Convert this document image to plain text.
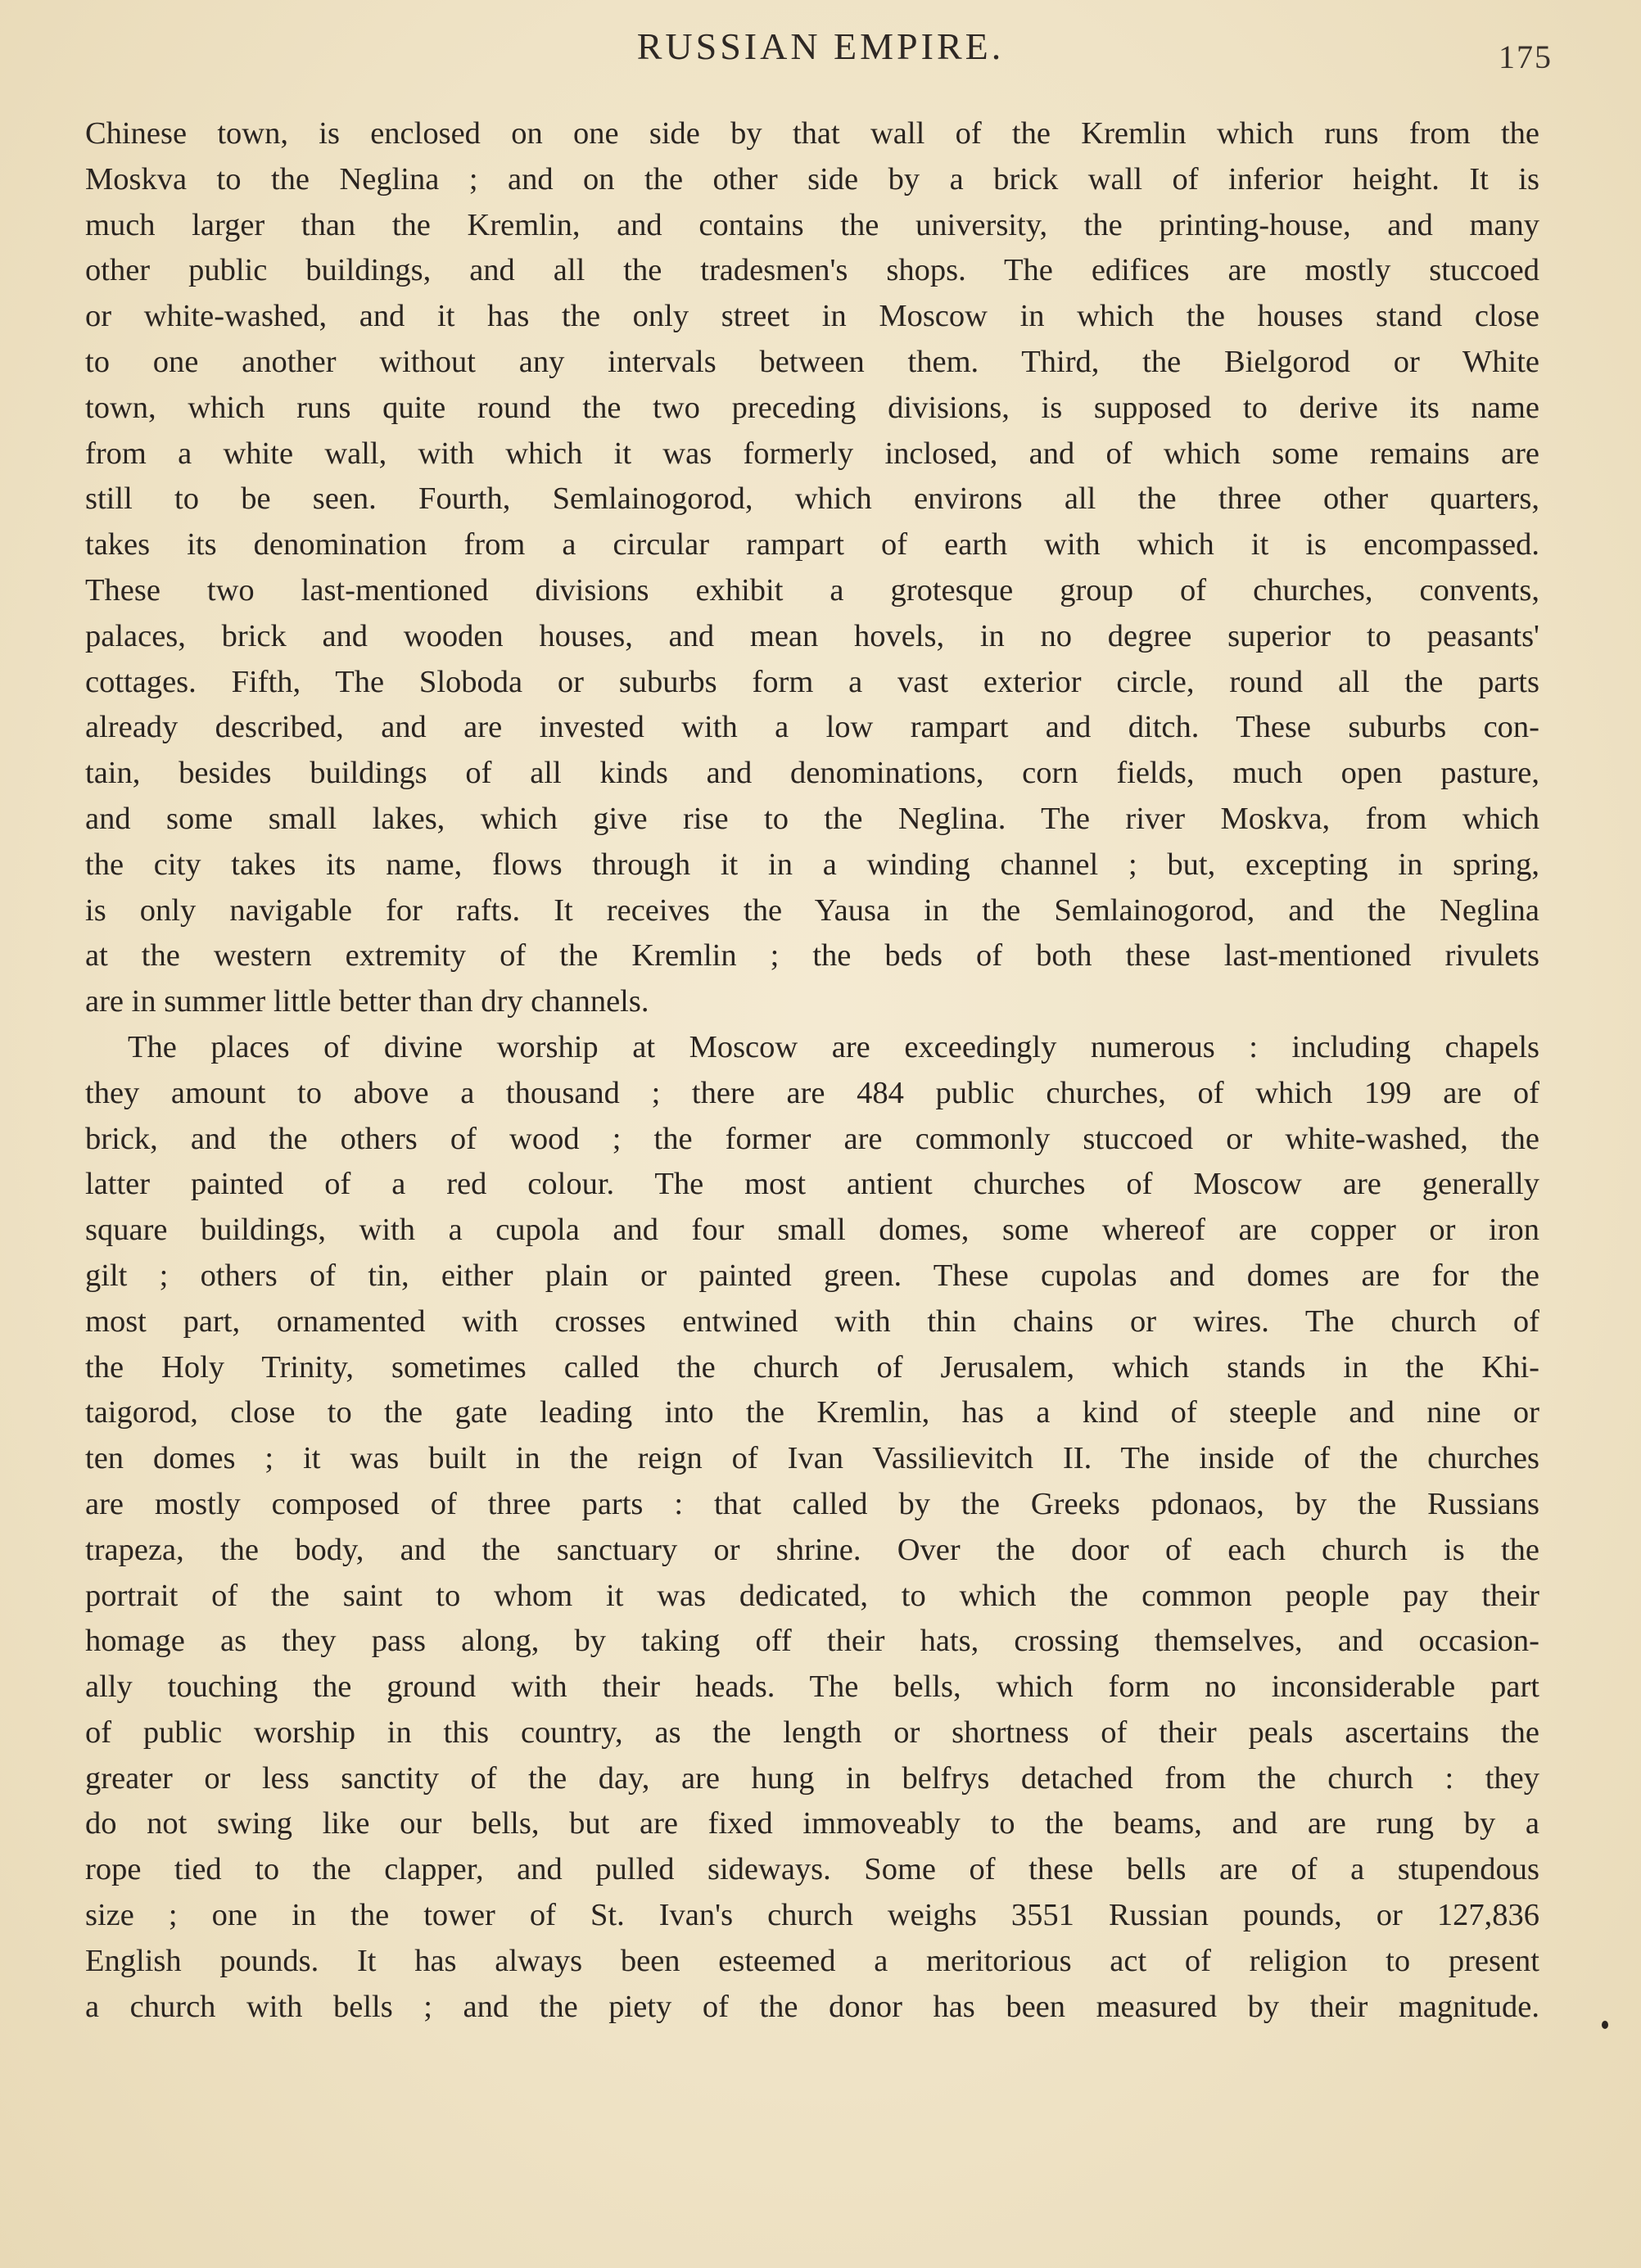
RUSSIAN EMPIRE.	175
Chinese town, is enclosed on one side by that wall of the Kremlin which runs from the
Moskva to the Neglina ; and on the other side by a brick wall of inferior height. It is
much larger than the Kremlin, and contains the university, the printing-house, and many
other public buildings, and all the tradesmen's shops. The edifices are mostly stuccoed
or white-washed, and it has the only street in Moscow in which the houses stand close
to one another without any intervals between them. Third, the Bielgorod or White
town, which runs quite round the two preceding divisions, is supposed to derive its name
from a white wall, with which it was formerly inclosed, and of which some remains are
still to be seen. Fourth, Semlainogorod, which environs all the three other quarters,
takes its denomination from a circular rampart of earth with which it is encompassed.
These two last-mentioned divisions exhibit a grotesque group of churches, convents,
palaces, brick and wooden houses, and mean hovels, in no degree superior to peasants'
cottages. Fifth, The Sloboda or suburbs form a vast exterior circle, round all the parts
already described, and are invested with a low rampart and ditch. These suburbs con-
tain, besides buildings of all kinds and denominations, corn fields, much open pasture,
and some small lakes, which give rise to the Neglina. The river Moskva, from which
the city takes its name, flows through it in a winding channel ; but, excepting in spring,
is only navigable for rafts. It receives the Yausa in the Semlainogorod, and the Neglina
at the western extremity of the Kremlin ; the beds of both these last-mentioned rivulets
are in summer little better than dry channels.
The places of divine worship at Moscow are exceedingly numerous : including chapels
they amount to above a thousand ; there are 484 public churches, of which 199 are of
brick, and the others of wood ; the former are commonly stuccoed or white-washed, the
latter painted of a red colour. The most antient churches of Moscow are generally
square buildings, with a cupola and four small domes, some whereof are copper or iron
gilt ; others of tin, either plain or painted green. These cupolas and domes are for the
most part, ornamented with crosses entwined with thin chains or wires. The church of
the Holy Trinity, sometimes called the church of Jerusalem, which stands in the Khi-
taigorod, close to the gate leading into the Kremlin, has a kind of steeple and nine or
ten domes ; it was built in the reign of Ivan Vassilievitch II. The inside of the churches
are mostly composed of three parts : that called by the Greeks pdonaos, by the Russians
trapeza, the body, and the sanctuary or shrine. Over the door of each church is the
portrait of the saint to whom it was dedicated, to which the common people pay their
homage as they pass along, by taking off their hats, crossing themselves, and occasion-
ally touching the ground with their heads. The bells, which form no inconsiderable part
of public worship in this country, as the length or shortness of their peals ascertains the
greater or less sanctity of the day, are hung in belfrys detached from the church : they
do not swing like our bells, but are fixed immoveably to the beams, and are rung by a
rope tied to the clapper, and pulled sideways. Some of these bells are of a stupendous
size ; one in the tower of St. Ivan's church weighs 3551 Russian pounds, or 127,836
English pounds. It has always been esteemed a meritorious act of religion to present
a church with bells ; and the piety of the donor has been measured by their magnitude.
